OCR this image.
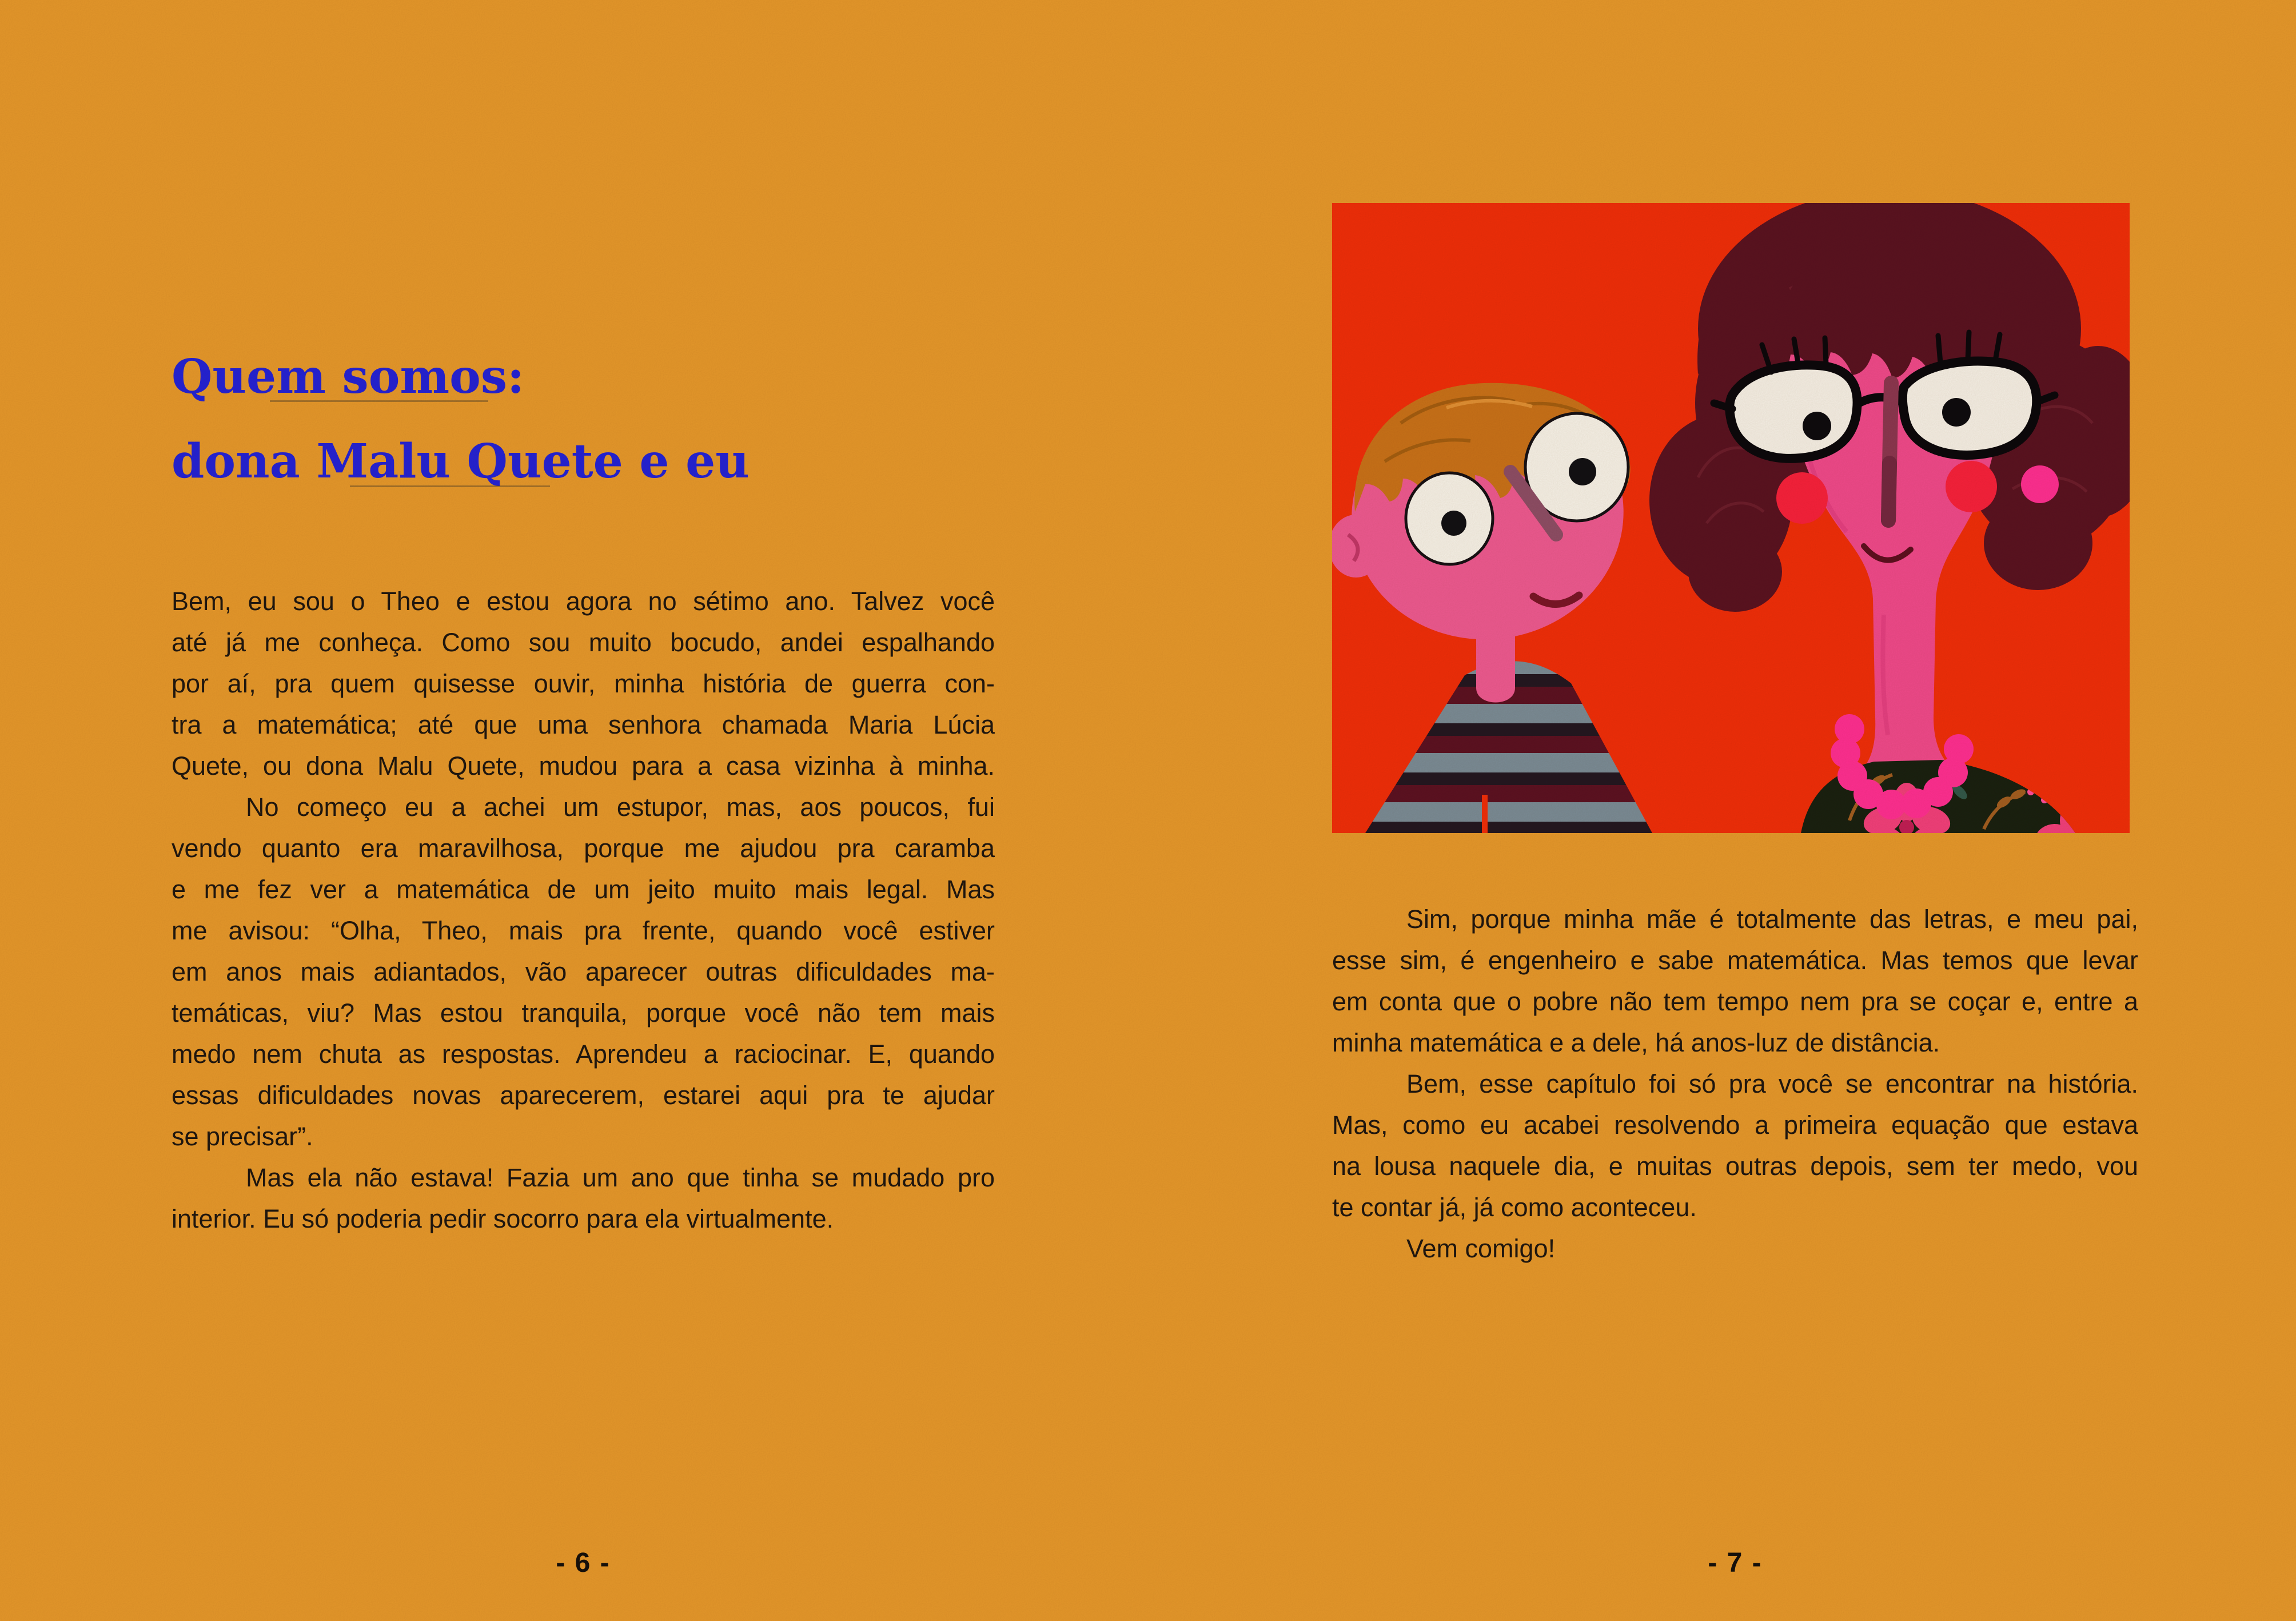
Quem somos:
dona Malu Quete e eu
Bem, eu sou o Theo e estou agora no sétimo ano. Talvez você
até já me conheça. Como sou muito bocudo, andei espalhando
por aí, pra quem quisesse ouvir, minha história de guerra con-
tra a matemática; até que uma senhora chamada Maria Lúcia
Quete, ou dona Malu Quete, mudou para a casa vizinha à minha.
No começo eu a achei um estupor, mas, aos poucos, fui
vendo quanto era maravilhosa, porque me ajudou pra caramba
e me fez ver a matemática de um jeito muito mais legal. Mas
me avisou: “Olha, Theo, mais pra frente, quando você estiver
em anos mais adiantados, vão aparecer outras dificuldades ma-
temáticas, viu? Mas estou tranquila, porque você não tem mais
medo nem chuta as respostas. Aprendeu a raciocinar. E, quando
essas dificuldades novas aparecerem, estarei aqui pra te ajudar
se precisar”.
Mas ela não estava! Fazia um ano que tinha se mudado pro
interior. Eu só poderia pedir socorro para ela virtualmente.
- 6 -
Sim, porque minha mãe é totalmente das letras, e meu pai,
esse sim, é engenheiro e sabe matemática. Mas temos que levar
em conta que o pobre não tem tempo nem pra se coçar e, entre a
minha matemática e a dele, há anos-luz de distância.
Bem, esse capítulo foi só pra você se encontrar na história.
Mas, como eu acabei resolvendo a primeira equação que estava
na lousa naquele dia, e muitas outras depois, sem ter medo, vou
te contar já, já como aconteceu.
Vem comigo!
- 7 -
